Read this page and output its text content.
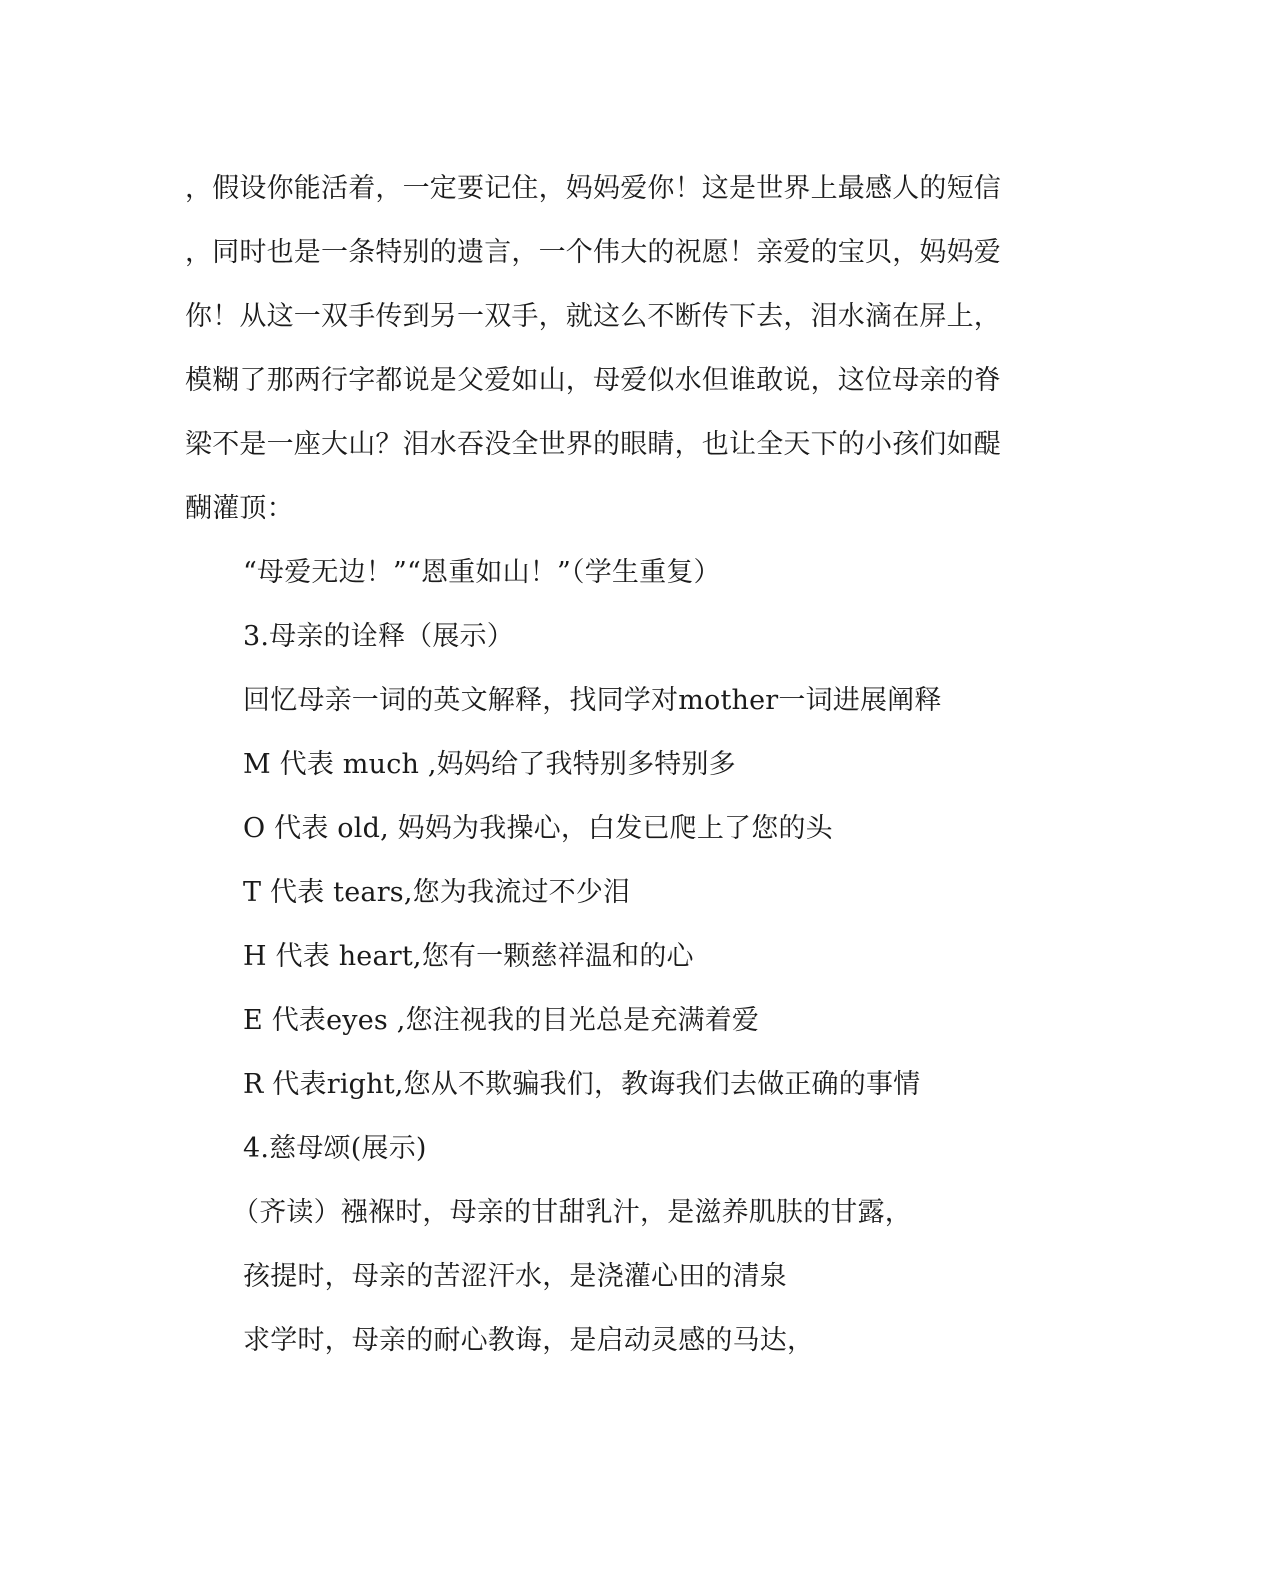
，假设你能活着，一定要记住，妈妈爱你！这是世界上最感人的短信
，同时也是一条特别的遗言，一个伟大的祝愿！亲爱的宝贝，妈妈爱
你！从这一双手传到另一双手，就这么不断传下去，泪水滴在屏上，
模糊了那两行字都说是父爱如山，母爱似水但谁敢说，这位母亲的脊
梁不是一座大山？泪水吞没全世界的眼睛，也让全天下的小孩们如醍
醐灌顶：
“母爱无边！”“恩重如山！”（学生重复）
3.母亲的诠释（展示）
回忆母亲一词的英文解释，找同学对mother一词进展阐释
M 代表 much ,妈妈给了我特别多特别多
O 代表 old, 妈妈为我操心，白发已爬上了您的头
T 代表 tears,您为我流过不少泪
H 代表 heart,您有一颗慈祥温和的心
E 代表eyes ,您注视我的目光总是充满着爱
R 代表right,您从不欺骗我们，教诲我们去做正确的事情
4.慈母颂(展示)
（齐读）襁褓时，母亲的甘甜乳汁，是滋养肌肤的甘露，
孩提时，母亲的苦涩汗水，是浇灌心田的清泉
求学时，母亲的耐心教诲，是启动灵感的马达，
